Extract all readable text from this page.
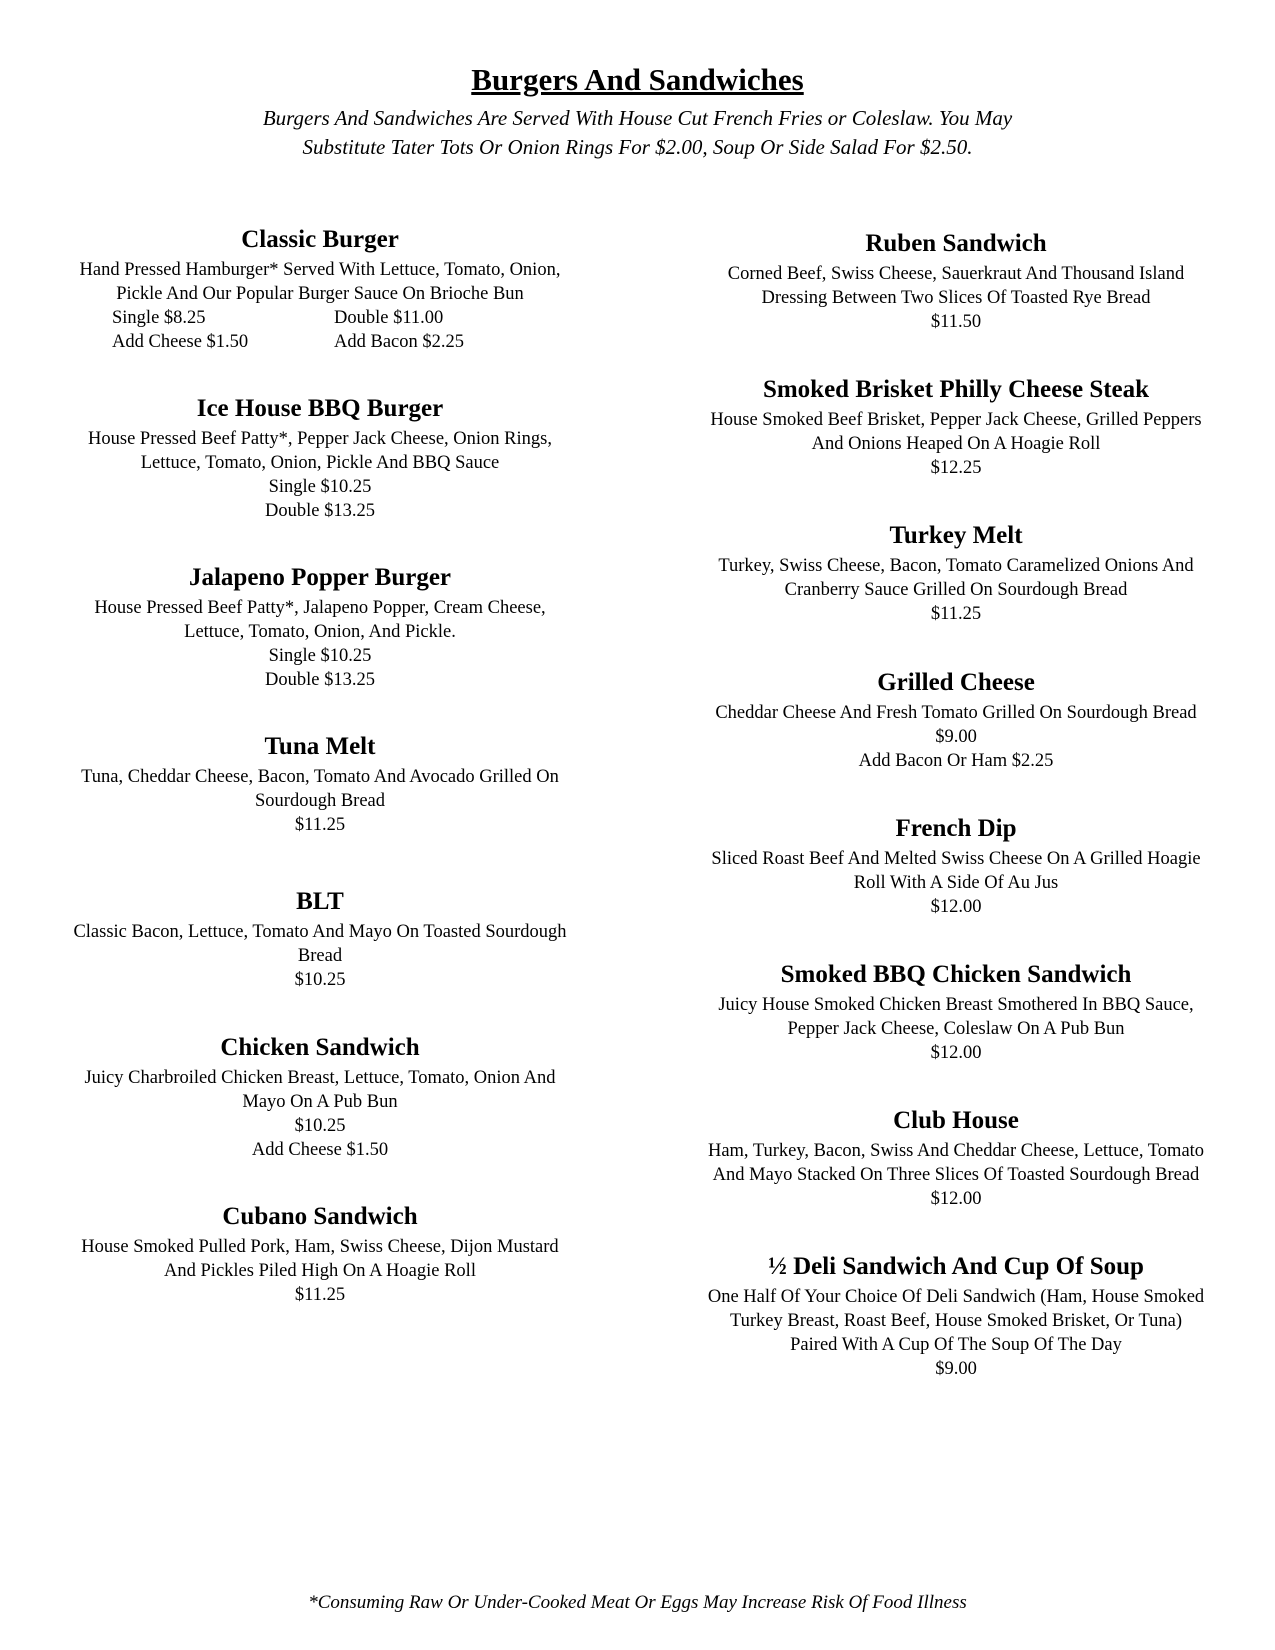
Burgers And Sandwiches
Burgers And Sandwiches Are Served With House Cut French Fries or Coleslaw. You May
Substitute Tater Tots Or Onion Rings For $2.00, Soup Or Side Salad For $2.50.
Classic Burger
Hand Pressed Hamburger* Served With Lettuce, Tomato, Onion,
Pickle And Our Popular Burger Sauce On Brioche Bun
Single $8.25
Add Cheese $1.50
Double $11.00
Add Bacon $2.25
Ice House BBQ Burger
House Pressed Beef Patty*, Pepper Jack Cheese, Onion Rings,
Lettuce, Tomato, Onion, Pickle And BBQ Sauce
Single $10.25
Double $13.25
Jalapeno Popper Burger
House Pressed Beef Patty*, Jalapeno Popper, Cream Cheese,
Lettuce, Tomato, Onion, And Pickle.
Single $10.25
Double $13.25
Tuna Melt
Tuna, Cheddar Cheese, Bacon, Tomato And Avocado Grilled On
Sourdough Bread
$11.25
BLT
Classic Bacon, Lettuce, Tomato And Mayo On Toasted Sourdough
Bread
$10.25
Chicken Sandwich
Juicy Charbroiled Chicken Breast, Lettuce, Tomato, Onion And
Mayo On A Pub Bun
$10.25
Add Cheese $1.50
Cubano Sandwich
House Smoked Pulled Pork, Ham, Swiss Cheese, Dijon Mustard
And Pickles Piled High On A Hoagie Roll
$11.25
Ruben Sandwich
Corned Beef, Swiss Cheese, Sauerkraut And Thousand Island
Dressing Between Two Slices Of Toasted Rye Bread
$11.50
Smoked Brisket Philly Cheese Steak
House Smoked Beef Brisket, Pepper Jack Cheese, Grilled Peppers
And Onions Heaped On A Hoagie Roll
$12.25
Turkey Melt
Turkey, Swiss Cheese, Bacon, Tomato Caramelized Onions And
Cranberry Sauce Grilled On Sourdough Bread
$11.25
Grilled Cheese
Cheddar Cheese And Fresh Tomato Grilled On Sourdough Bread
$9.00
Add Bacon Or Ham $2.25
French Dip
Sliced Roast Beef And Melted Swiss Cheese On A Grilled Hoagie
Roll With A Side Of Au Jus
$12.00
Smoked BBQ Chicken Sandwich
Juicy House Smoked Chicken Breast Smothered In BBQ Sauce,
Pepper Jack Cheese, Coleslaw On A Pub Bun
$12.00
Club House
Ham, Turkey, Bacon, Swiss And Cheddar Cheese, Lettuce, Tomato
And Mayo Stacked On Three Slices Of Toasted Sourdough Bread
$12.00
½ Deli Sandwich And Cup Of Soup
One Half Of Your Choice Of Deli Sandwich (Ham, House Smoked
Turkey Breast, Roast Beef, House Smoked Brisket, Or Tuna)
Paired With A Cup Of The Soup Of The Day
$9.00
*Consuming Raw Or Under-Cooked Meat Or Eggs May Increase Risk Of Food Illness
